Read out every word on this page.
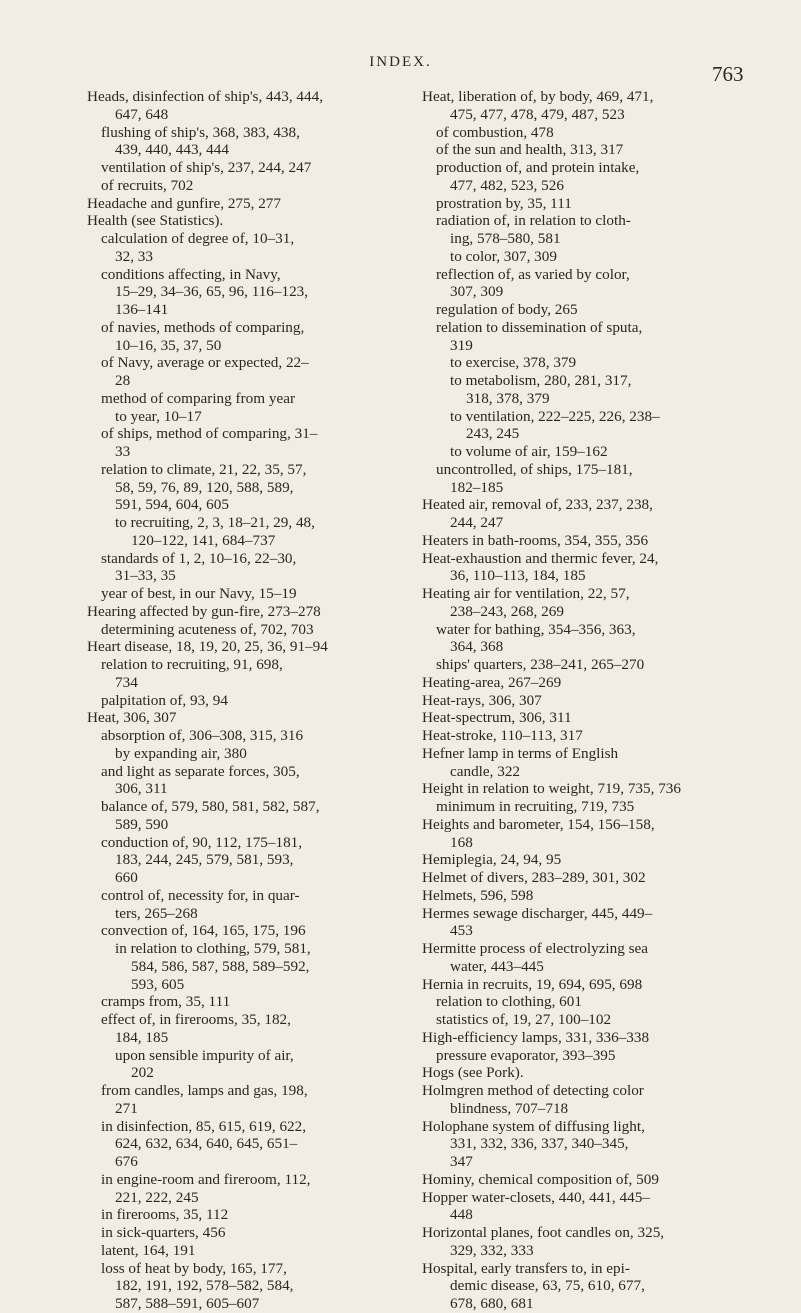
INDEX.	763
Heads, disinfection of ship's, 443, 444,
647, 648
flushing of ship's, 368, 383, 438,
439, 440, 443, 444
ventilation of ship's, 237, 244, 247
of recruits, 702
Headache and gunfire, 275, 277
Health (see Statistics).
calculation of degree of, 10–31,
32, 33
conditions affecting, in Navy,
15–29, 34–36, 65, 96, 116–123,
136–141
of navies, methods of comparing,
10–16, 35, 37, 50
of Navy, average or expected, 22–
28
method of comparing from year
to year, 10–17
of ships, method of comparing, 31–
33
relation to climate, 21, 22, 35, 57,
58, 59, 76, 89, 120, 588, 589,
591, 594, 604, 605
to recruiting, 2, 3, 18–21, 29, 48,
120–122, 141, 684–737
standards of 1, 2, 10–16, 22–30,
31–33, 35
year of best, in our Navy, 15–19
Hearing affected by gun-fire, 273–278
determining acuteness of, 702, 703
Heart disease, 18, 19, 20, 25, 36, 91–94
relation to recruiting, 91, 698,
734
palpitation of, 93, 94
Heat, 306, 307
absorption of, 306–308, 315, 316
by expanding air, 380
and light as separate forces, 305,
306, 311
balance of, 579, 580, 581, 582, 587,
589, 590
conduction of, 90, 112, 175–181,
183, 244, 245, 579, 581, 593,
660
control of, necessity for, in quar-
ters, 265–268
convection of, 164, 165, 175, 196
in relation to clothing, 579, 581,
584, 586, 587, 588, 589–592,
593, 605
cramps from, 35, 111
effect of, in firerooms, 35, 182,
184, 185
upon sensible impurity of air,
202
from candles, lamps and gas, 198,
271
in disinfection, 85, 615, 619, 622,
624, 632, 634, 640, 645, 651–
676
in engine-room and fireroom, 112,
221, 222, 245
in firerooms, 35, 112
in sick-quarters, 456
latent, 164, 191
loss of heat by body, 165, 177,
182, 191, 192, 578–582, 584,
587, 588–591, 605–607
Heat, liberation of, by body, 469, 471,
475, 477, 478, 479, 487, 523
of combustion, 478
of the sun and health, 313, 317
production of, and protein intake,
477, 482, 523, 526
prostration by, 35, 111
radiation of, in relation to cloth-
ing, 578–580, 581
to color, 307, 309
reflection of, as varied by color,
307, 309
regulation of body, 265
relation to dissemination of sputa,
319
to exercise, 378, 379
to metabolism, 280, 281, 317,
318, 378, 379
to ventilation, 222–225, 226, 238–
243, 245
to volume of air, 159–162
uncontrolled, of ships, 175–181,
182–185
Heated air, removal of, 233, 237, 238,
244, 247
Heaters in bath-rooms, 354, 355, 356
Heat-exhaustion and thermic fever, 24,
36, 110–113, 184, 185
Heating air for ventilation, 22, 57,
238–243, 268, 269
water for bathing, 354–356, 363,
364, 368
ships' quarters, 238–241, 265–270
Heating-area, 267–269
Heat-rays, 306, 307
Heat-spectrum, 306, 311
Heat-stroke, 110–113, 317
Hefner lamp in terms of English
candle, 322
Height in relation to weight, 719, 735, 736
minimum in recruiting, 719, 735
Heights and barometer, 154, 156–158,
168
Hemiplegia, 24, 94, 95
Helmet of divers, 283–289, 301, 302
Helmets, 596, 598
Hermes sewage discharger, 445, 449–
453
Hermitte process of electrolyzing sea
water, 443–445
Hernia in recruits, 19, 694, 695, 698
relation to clothing, 601
statistics of, 19, 27, 100–102
High-efficiency lamps, 331, 336–338
pressure evaporator, 393–395
Hogs (see Pork).
Holmgren method of detecting color
blindness, 707–718
Holophane system of diffusing light,
331, 332, 336, 337, 340–345,
347
Hominy, chemical composition of, 509
Hopper water-closets, 440, 441, 445–
448
Horizontal planes, foot candles on, 325,
329, 332, 333
Hospital, early transfers to, in epi-
demic disease, 63, 75, 610, 677,
678, 680, 681
